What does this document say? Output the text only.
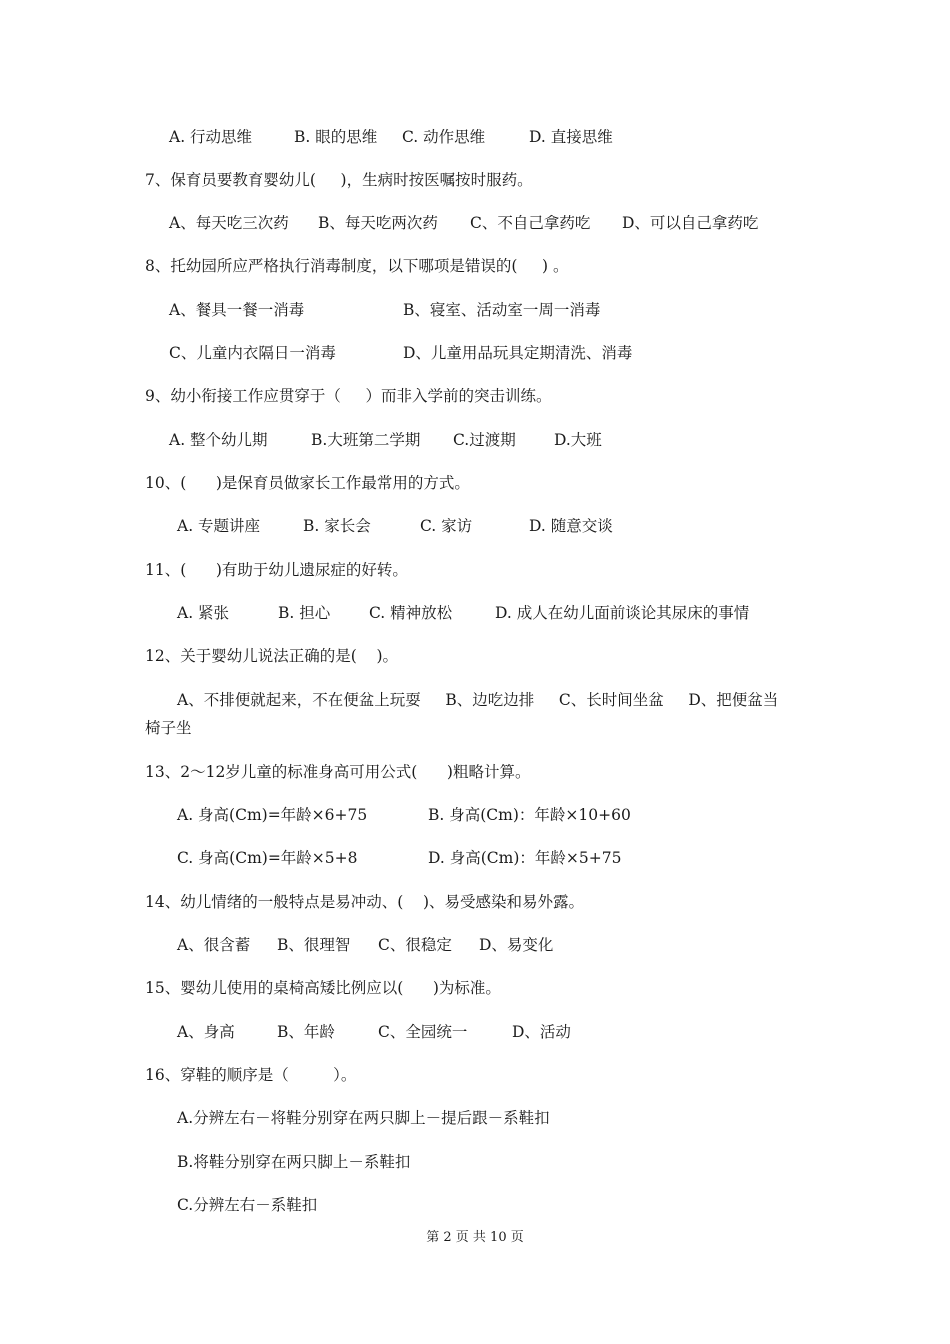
A. 行动思维	B. 眼的思维 C. 动作思维	D. 直接思维
7、保育员要教育婴幼儿(     )，生病时按医嘱按时服药。
A、每天吃三次药 B、每天吃两次药 C、不自己拿药吃 D、可以自己拿药吃
8、托幼园所应严格执行消毒制度，以下哪项是错误的(     ) 。
A、餐具一餐一消毒	B、寝室、活动室一周一消毒
C、儿童内衣隔日一消毒	D、儿童用品玩具定期清洗、消毒
9、幼小衔接工作应贯穿于（     ）而非入学前的突击训练。
A. 整个幼儿期	B.大班第二学期 C.过渡期 D.大班
10、(      )是保育员做家长工作最常用的方式。
A. 专题讲座	B. 家长会	C. 家访	D. 随意交谈
11、(      )有助于幼儿遗尿症的好转。
A. 紧张	B. 担心	C. 精神放松	D. 成人在幼儿面前谈论其尿床的事情
12、关于婴幼儿说法正确的是(    )。
A、不排便就起来，不在便盆上玩耍     B、边吃边排     C、长时间坐盆     D、把便盆当
椅子坐
13、2～12岁儿童的标准身高可用公式(      )粗略计算。
A. 身高(Cm)=年龄×6+75	B. 身高(Cm)：年龄×10+60
C. 身高(Cm)=年龄×5+8	D. 身高(Cm)：年龄×5+75
14、幼儿情绪的一般特点是易冲动、(    )、易受感染和易外露。
A、很含蓄 B、很理智 C、很稳定 D、易变化
15、婴幼儿使用的桌椅高矮比例应以(      )为标准。
A、身高	B、年龄	C、全园统一	D、活动
16、穿鞋的顺序是（         ）。
A.分辨左右－将鞋分别穿在两只脚上－提后跟－系鞋扣
B.将鞋分别穿在两只脚上－系鞋扣
C.分辨左右－系鞋扣
第 2 页 共 10 页
